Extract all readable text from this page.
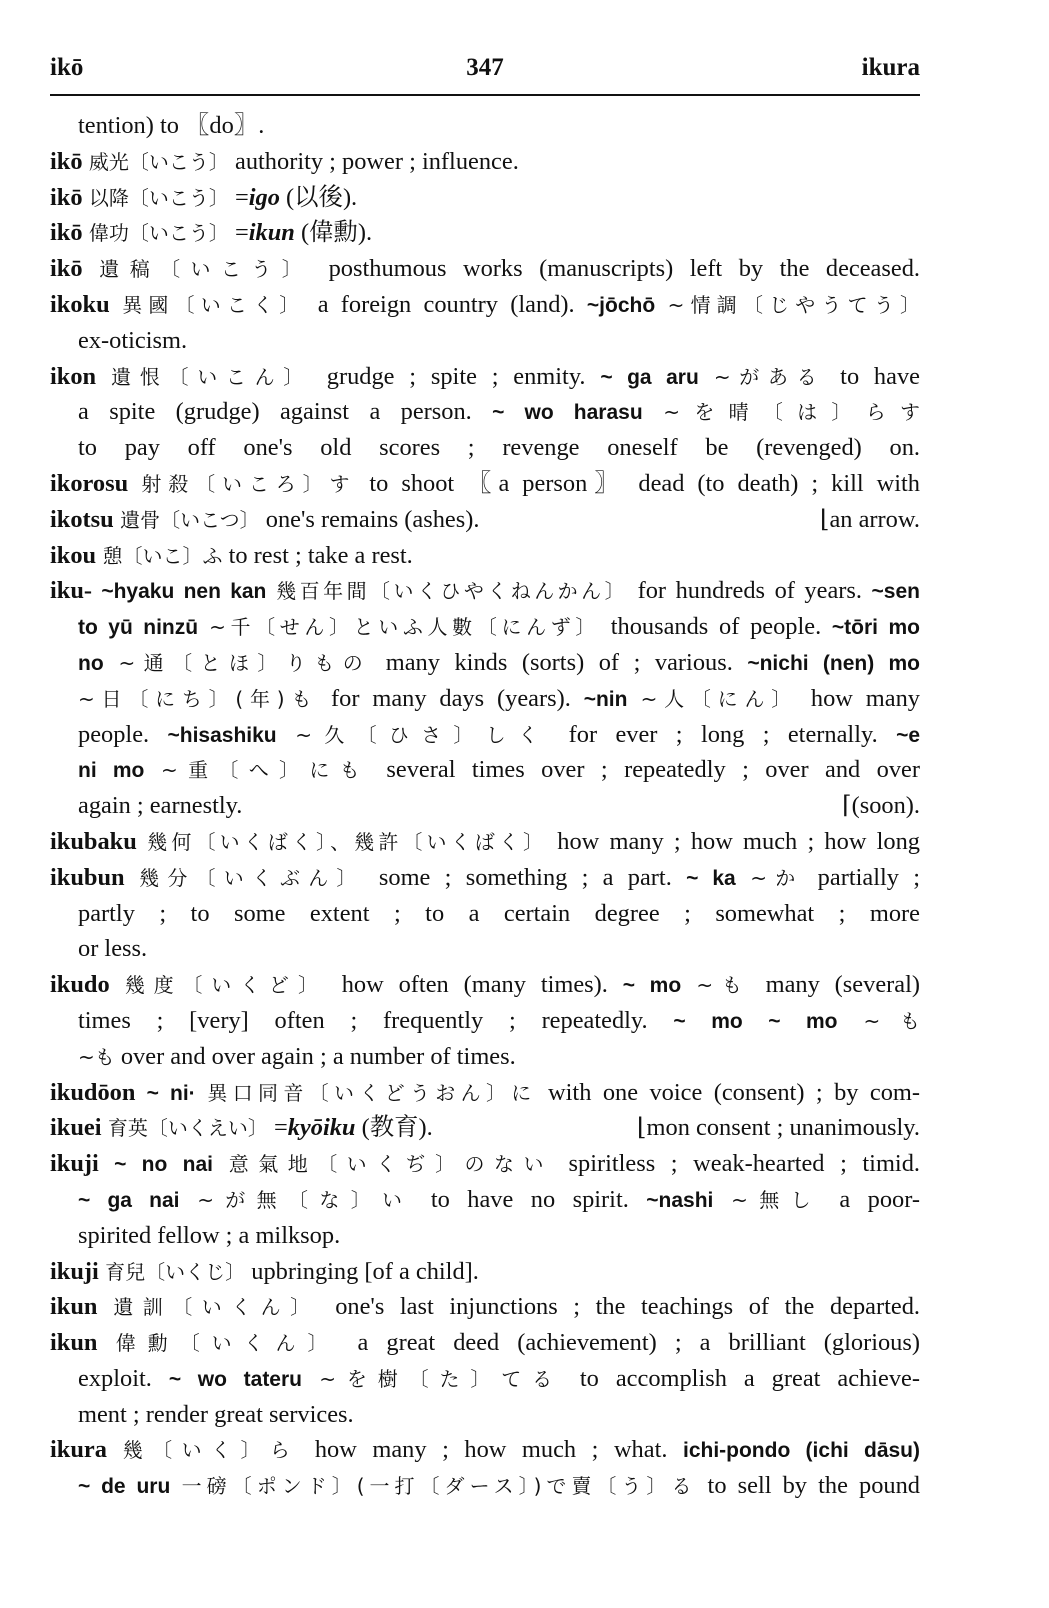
ikō	347	ikura
tention) to 〖do〗.
ikō 威光〔いこう〕 authority ; power ; influence.
ikō 以降〔いこう〕 =igo (以後).
ikō 偉功〔いこう〕 =ikun (偉勳).
ikō 遺稿〔いこう〕 posthumous works (manuscripts) left by the deceased.
ikoku 異國〔いこく〕 a foreign country (land). ~jōchō ~情調〔じやうてう〕
ex-oticism.
ikon 遺恨〔いこん〕 grudge ; spite ; enmity. ~ ga aru ~がある to have
a spite (grudge) against a person. ~ wo harasu ~を晴〔は〕らす
to pay off one's old scores ; revenge oneself be (revenged) on.
ikorosu 射殺〔いころ〕す to shoot 〖a person〗 dead (to death) ; kill with
ikotsu 遺骨〔いこつ〕 one's remains (ashes).	⌊an arrow.
ikou 憩〔いこ〕ふ to rest ; take a rest.
iku- ~hyaku nen kan 幾百年間〔いくひやくねんかん〕 for hundreds of years. ~sen
to yū ninzū ~千〔せん〕といふ人數〔にんず〕 thousands of people. ~tōri mo
no ~通〔とほ〕りもの many kinds (sorts) of ; various. ~nichi (nen) mo
~日〔にち〕(年)も for many days (years). ~nin ~人〔にん〕 how many
people. ~hisashiku ~久〔ひさ〕しく for ever ; long ; eternally. ~e
ni mo ~重〔へ〕にも several times over ; repeatedly ; over and over
again ; earnestly.	⌈(soon).
ikubaku 幾何〔いくばく〕、幾許〔いくばく〕 how many ; how much ; how long
ikubun 幾分〔いくぶん〕 some ; something ; a part. ~ ka ~か partially ;
partly ; to some extent ; to a certain degree ; somewhat ; more
or less.
ikudo 幾度〔いくど〕 how often (many times). ~ mo ~も many (several)
times ; [very] often ; frequently ; repeatedly. ~ mo ~ mo ~も
~も over and over again ; a number of times.
ikudōon ~ ni· 異口同音〔いくどうおん〕に with one voice (consent) ; by com-
ikuei 育英〔いくえい〕 =kyōiku (教育).	⌊mon consent ; unanimously.
ikuji ~ no nai 意氣地〔いくぢ〕のない spiritless ; weak-hearted ; timid.
~ ga nai ~が無〔な〕い to have no spirit. ~nashi ~無し a poor-
spirited fellow ; a milksop.
ikuji 育兒〔いくじ〕 upbringing [of a child].
ikun 遺訓〔いくん〕 one's last injunctions ; the teachings of the departed.
ikun 偉勳〔いくん〕 a great deed (achievement) ; a brilliant (glorious)
exploit. ~ wo tateru ~を樹〔た〕てる to accomplish a great achieve-
ment ; render great services.
ikura 幾〔いく〕ら how many ; how much ; what. ichi-pondo (ichi dāsu)
~ de uru 一磅〔ポンド〕(一打〔ダース〕)で賣〔う〕る to sell by the pound
